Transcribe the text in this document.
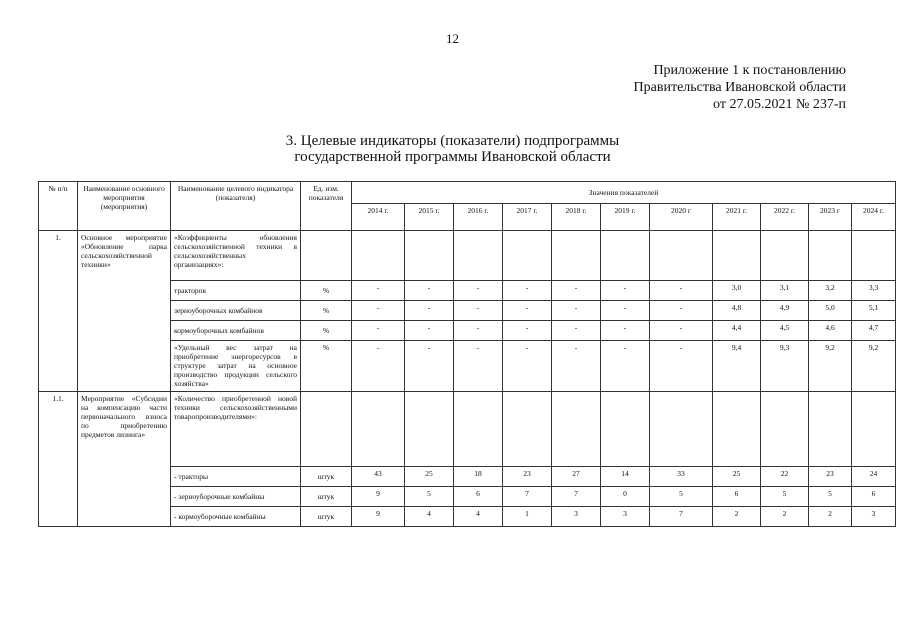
12
Приложение 1 к постановлению
Правительства Ивановской области
от 27.05.2021 № 237-п
3. Целевые индикаторы (показатели) подпрограммы
государственной программы Ивановской области
№ п/п	Наименование основного мероприятия (мероприятия)	Наименование целевого индикатора (показателя)	Ед. изм. показателя	Значения показателей										
				2014 г.	2015 г.	2016 г.	2017 г.	2018 г.	2019 г.	2020 г	2021 г.	2022 г.	2023 г	2024 г.
1.	Основное мероприятие «Обновление парка сельскохозяйственной техники»	«Коэффициенты обновления сельскохозяйственной техники в сельскохозяйственных организациях»:												
		тракторов	%	-	-	-	-	-	-	-	3,0	3,1	3,2	3,3
		зерноуборочных комбайнов	%	-	-	-	-	-	-	-	4,8	4,9	5,0	5,1
		кормоуборочных комбайнов	%	-	-	-	-	-	-	-	4,4	4,5	4,6	4,7
		«Удельный вес затрат на приобретение энергоресурсов в структуре затрат на основное производство продукции сельского хозяйства»	%	-	-	-	-	-	-	-	9,4	9,3	9,2	9,2
1.1.	Мероприятие «Субсидии на компенсацию части первоначального взноса по приобретению предметов лизинга»	«Количество приобретенной новой техники сельскохозяйственными товаропроизводителями»:												
		- тракторы	штук	43	25	18	23	27	14	33	25	22	23	24
		- зерноуборочные комбайны	штук	9	5	6	7	7	0	5	6	5	5	6
		- кормоуборочные комбайны	штук	9	4	4	1	3	3	7	2	2	2	3
